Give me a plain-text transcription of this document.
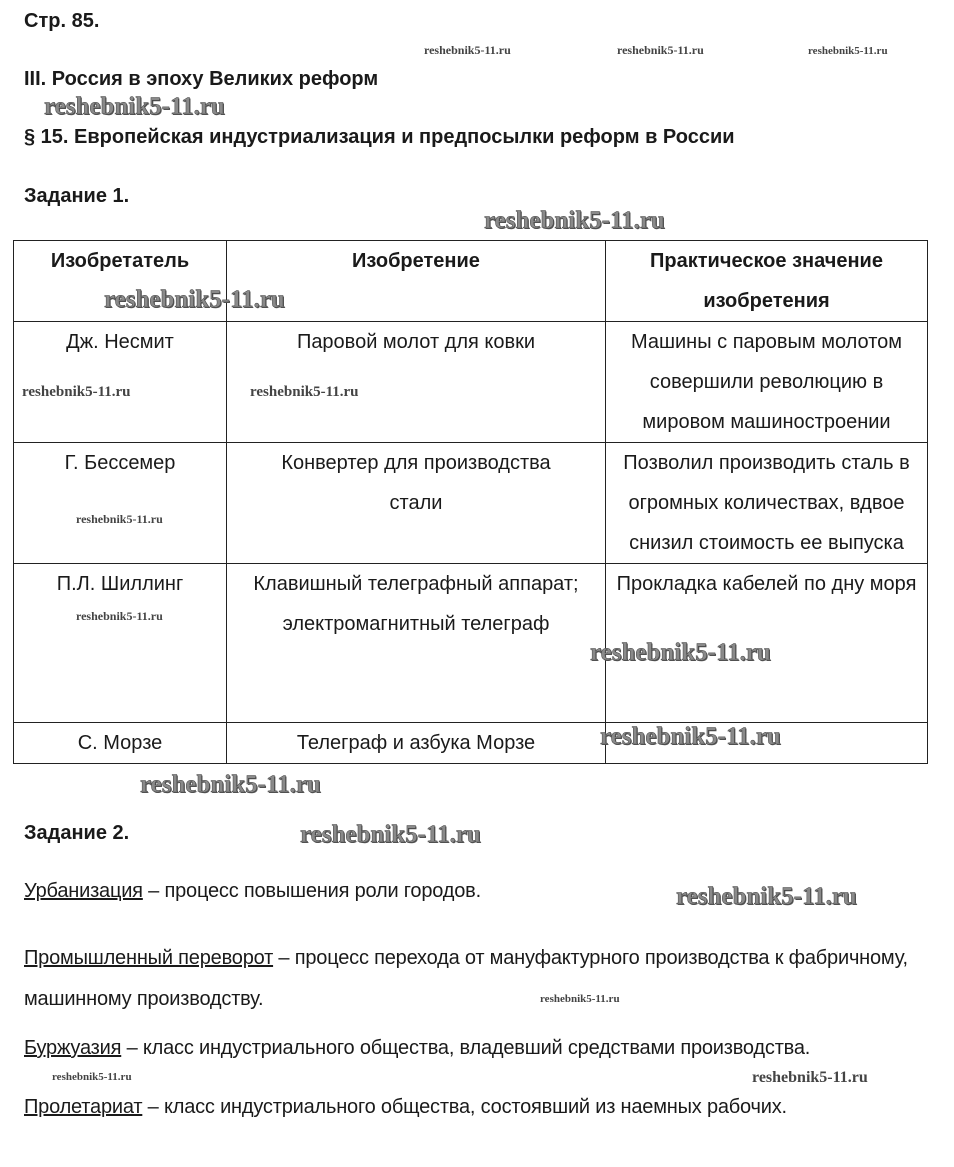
Стр. 85.
III. Россия в эпоху Великих реформ
§ 15. Европейская индустриализация и предпосылки реформ в России
Задание 1.
Изобретатель	Изобретение	Практическое значение изобретения

Дж. Несмит	Паровой молот для ковки	Машины с паровым молотом совершили революцию в мировом машиностроении
Г. Бессемер	Конвертер для производства стали	Позволил производить сталь в огромных количествах, вдвое снизил стоимость ее выпуска
П.Л. Шиллинг	Клавишный телеграфный аппарат; электромагнитный телеграф	Прокладка кабелей по дну моря
С. Морзе	Телеграф и азбука Морзе	
Задание 2.
Урбанизация – процесс повышения роли городов.
Промышленный переворот – процесс перехода от мануфактурного производства к фабричному, машинному производству.
Буржуазия – класс индустриального общества, владевший средствами производства.
Пролетариат – класс индустриального общества, состоявший из наемных рабочих.
reshebnik5-11.ru	reshebnik5-11.ru	reshebnik5-11.ru
reshebnik5-11.ru
reshebnik5-11.ru
reshebnik5-11.ru
reshebnik5-11.ru
reshebnik5-11.ru
reshebnik5-11.ru
reshebnik5-11.ru
reshebnik5-11.ru
reshebnik5-11.ru
reshebnik5-11.ru
reshebnik5-11.ru
reshebnik5-11.ru
reshebnik5-11.ru
reshebnik5-11.ru	reshebnik5-11.ru
